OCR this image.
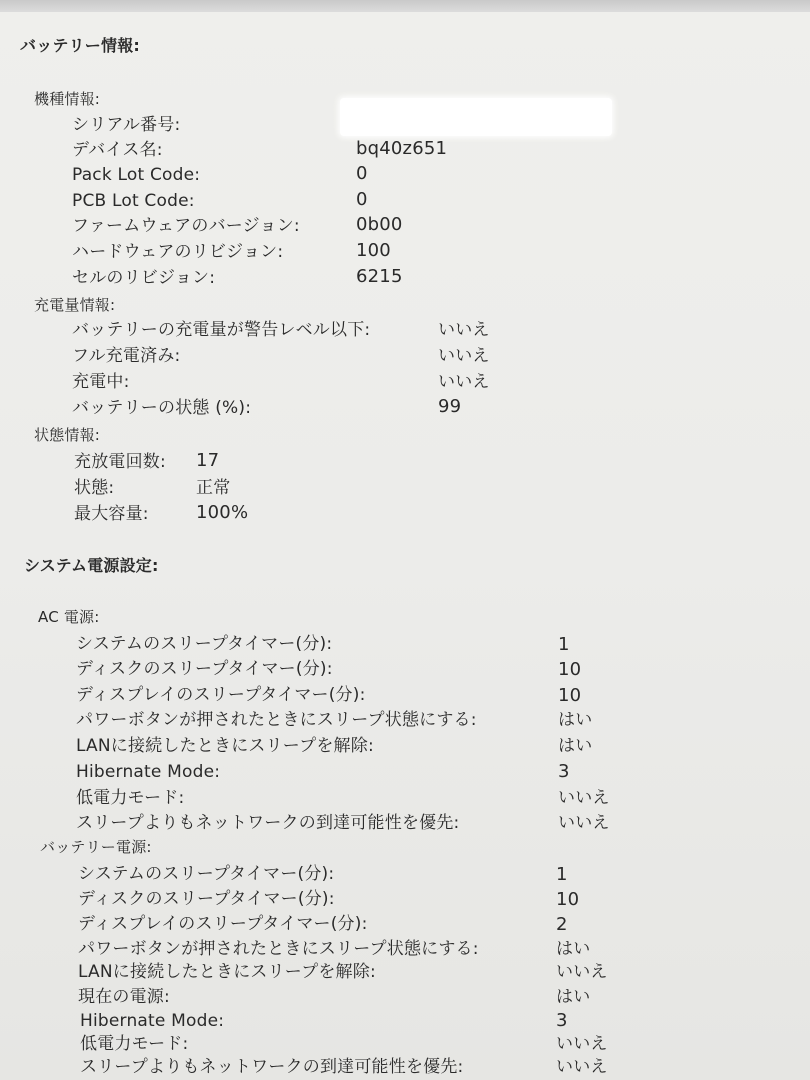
バッテリー情報:
機種情報:
シリアル番号:
デバイス名:	bq40z651
Pack Lot Code:	0
PCB Lot Code:	0
ファームウェアのバージョン:	0b00
ハードウェアのリビジョン:	100
セルのリビジョン:	6215
充電量情報:
バッテリーの充電量が警告レベル以下:	いいえ
フル充電済み:	いいえ
充電中:	いいえ
バッテリーの状態 (%):	99
状態情報:
充放電回数: 17
状態:	正常
最大容量:	100%
システム電源設定:
AC 電源:
システムのスリープタイマー(分):	1
ディスクのスリープタイマー(分):	10
ディスプレイのスリープタイマー(分):	10
パワーボタンが押されたときにスリープ状態にする:	はい
LANに接続したときにスリープを解除:	はい
Hibernate Mode:	3
低電力モード:	いいえ
スリープよりもネットワークの到達可能性を優先:	いいえ
バッテリー電源:
システムのスリープタイマー(分):	1
ディスクのスリープタイマー(分):	10
ディスプレイのスリープタイマー(分):	2
パワーボタンが押されたときにスリープ状態にする:	はい
LANに接続したときにスリープを解除:	いいえ
現在の電源:	はい
Hibernate Mode:	3
低電力モード:	いいえ
スリープよりもネットワークの到達可能性を優先:	いいえ
